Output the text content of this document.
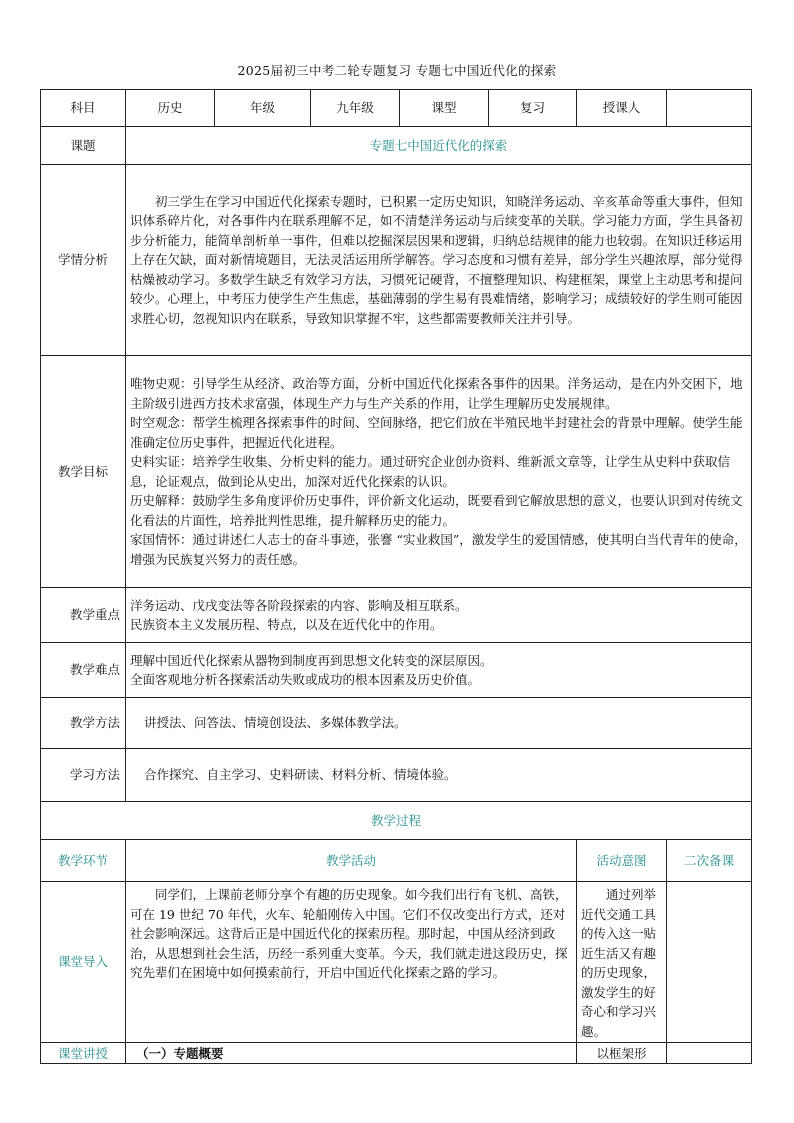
2025届初三中考二轮专题复习 专题七中国近代化的探索
科目	历史	年级	九年级	课型	复习	授课人	
课题	专题七中国近代化的探索						
学情分析	初三学生在学习中国近代化探索专题时，已积累一定历史知识，知晓洋务运动、辛亥革命等重大事件，但知识体系碎片化，对各事件内在联系理解不足，如不清楚洋务运动与后续变革的关联。学习能力方面，学生具备初步分析能力，能简单剖析单一事件，但难以挖掘深层因果和逻辑，归纳总结规律的能力也较弱。在知识迁移运用上存在欠缺，面对新情境题目，无法灵活运用所学解答。学习态度和习惯有差异，部分学生兴趣浓厚，部分觉得枯燥被动学习。多数学生缺乏有效学习方法，习惯死记硬背，不擅整理知识、构建框架，课堂上主动思考和提问较少。心理上，中考压力使学生产生焦虑，基础薄弱的学生易有畏难情绪，影响学习；成绩较好的学生则可能因求胜心切，忽视知识内在联系，导致知识掌握不牢，这些都需要教师关注并引导。						

教学目标	唯物史观：引导学生从经济、政治等方面，分析中国近代化探索各事件的因果。洋务运动，是在内外交困下，地主阶级引进西方技术求富强，体现生产力与生产关系的作用，让学生理解历史发展规律。

时空观念：帮学生梳理各探索事件的时间、空间脉络，把它们放在半殖民地半封建社会的背景中理解。使学生能准确定位历史事件，把握近代化进程。

史料实证：培养学生收集、分析史料的能力。通过研究企业创办资料、维新派文章等，让学生从史料中获取信息，论证观点，做到论从史出，加深对近代化探索的认识。

历史解释：鼓励学生多角度评价历史事件，评价新文化运动，既要看到它解放思想的意义，也要认识到对传统文化看法的片面性，培养批判性思维，提升解释历史的能力。

家国情怀：通过讲述仁人志士的奋斗事迹，张謇 “实业救国”，激发学生的爱国情感，使其明白当代青年的使命，增强为民族复兴努力的责任感。						

教学重点	洋务运动、戊戌变法等各阶段探索的内容、影响及相互联系。

民族资本主义发展历程、特点，以及在近代化中的作用。						

教学难点	理解中国近代化探索从器物到制度再到思想文化转变的深层原因。

全面客观地分析各探索活动失败或成功的根本因素及历史价值。						

教学方法	讲授法、问答法、情境创设法、多媒体教学法。						
学习方法	合作探究、自主学习、史料研读、材料分析、情境体验。						
教学过程							
教学环节	教学活动					活动意图	二次备课
课堂导入	同学们，上课前老师分享个有趣的历史现象。如今我们出行有飞机、高铁，可在 19 世纪 70 年代，火车、轮船刚传入中国。它们不仅改变出行方式，还对社会影响深远。这背后正是中国近代化的探索历程。那时起，中国从经济到政治，从思想到社会生活，历经一系列重大变革。今天，我们就走进这段历史，探究先辈们在困境中如何摸索前行，开启中国近代化探索之路的学习。					通过列举近代交通工具的传入这一贴近生活又有趣的历史现象，激发学生的好奇心和学习兴趣。	

课堂讲授	（一）专题概要					以框架形	
